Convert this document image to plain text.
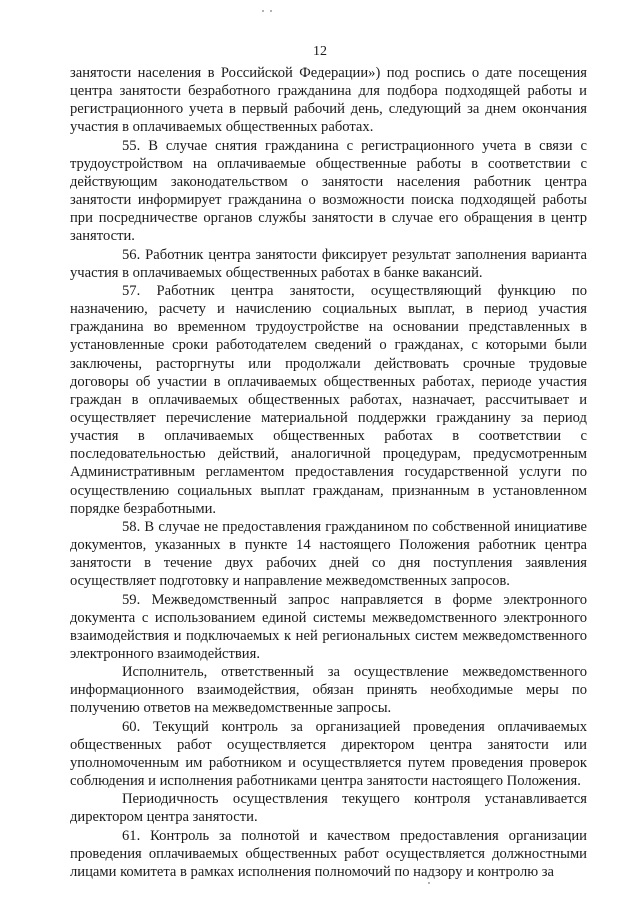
12

занятости населения в Российской Федерации») под роспись о дате посещения центра занятости безработного гражданина для подбора подходящей работы и регистрационного учета в первый рабочий день, следующий за днем окончания участия в оплачиваемых общественных работах.

55. В случае снятия гражданина с регистрационного учета в связи с трудоустройством на оплачиваемые общественные работы в соответствии с действующим законодательством о занятости населения работник центра занятости информирует гражданина о возможности поиска подходящей работы при посредничестве органов службы занятости в случае его обращения в центр занятости.

56. Работник центра занятости фиксирует результат заполнения варианта участия в оплачиваемых общественных работах в банке вакансий.

57. Работник центра занятости, осуществляющий функцию по назначению, расчету и начислению социальных выплат, в период участия гражданина во временном трудоустройстве на основании представленных в установленные сроки работодателем сведений о гражданах, с которыми были заключены, расторгнуты или продолжали действовать срочные трудовые договоры об участии в оплачиваемых общественных работах, периоде участия граждан в оплачиваемых общественных работах, назначает, рассчитывает и осуществляет перечисление материальной поддержки гражданину за период участия в оплачиваемых общественных работах в соответствии с последовательностью действий, аналогичной процедурам, предусмотренным Административным регламентом предоставления государственной услуги по осуществлению социальных выплат гражданам, признанным в установленном порядке безработными.

58. В случае не предоставления гражданином по собственной инициативе документов, указанных в пункте 14 настоящего Положения работник центра занятости в течение двух рабочих дней со дня поступления заявления осуществляет подготовку и направление межведомственных запросов.

59. Межведомственный запрос направляется в форме электронного документа с использованием единой системы межведомственного электронного взаимодействия и подключаемых к ней региональных систем межведомственного электронного взаимодействия.

Исполнитель, ответственный за осуществление межведомственного информационного взаимодействия, обязан принять необходимые меры по получению ответов на межведомственные запросы.

60. Текущий контроль за организацией проведения оплачиваемых общественных работ осуществляется директором центра занятости или уполномоченным им работником и осуществляется путем проведения проверок соблюдения и исполнения работниками центра занятости настоящего Положения.

Периодичность осуществления текущего контроля устанавливается директором центра занятости.

61. Контроль за полнотой и качеством предоставления организации проведения оплачиваемых общественных работ осуществляется должностными лицами комитета в рамках исполнения полномочий по надзору и контролю за
